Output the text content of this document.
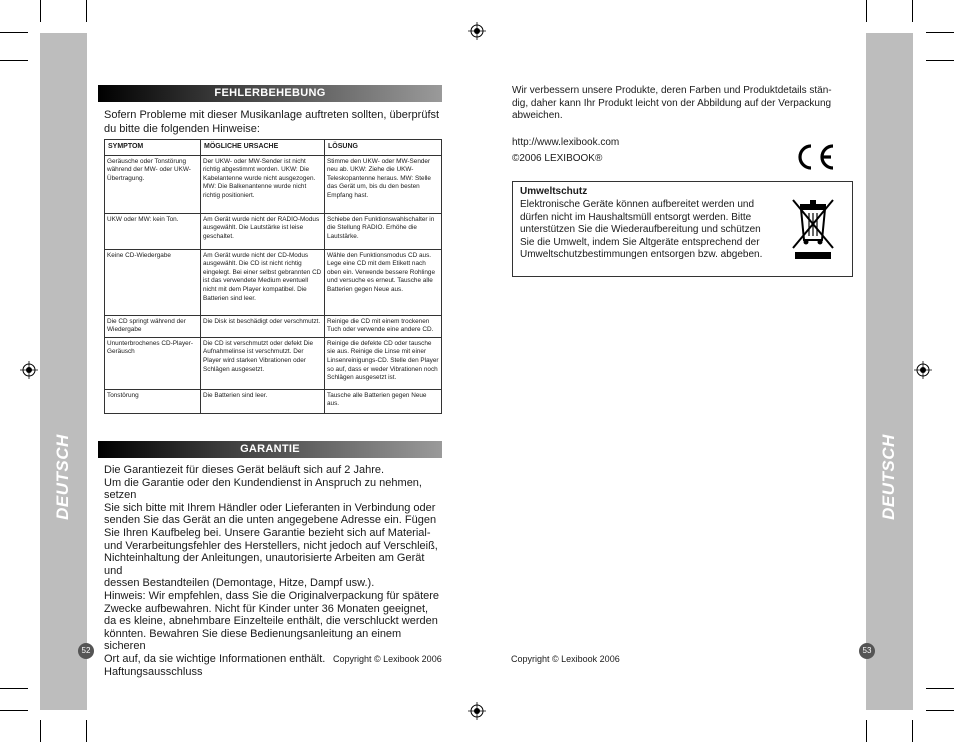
DEUTSCH	DEUTSCH
52	53
FEHLERBEHEBUNG
Sofern Probleme mit dieser Musikanlage auftreten sollten, überprüfst du bitte die folgenden Hinweise:
SYMPTOM	MÖGLICHE URSACHE	LÖSUNG
Geräusche oder Tonstörung während der MW- oder UKW-Übertragung.	Der UKW- oder MW-Sender ist nicht richtig abgestimmt worden. UKW: Die Kabelantenne wurde nicht ausgezogen. MW: Die Balkenantenne wurde nicht richtig positioniert.	Stimme den UKW- oder MW-Sender neu ab. UKW: Ziehe die UKW-Teleskopantenne heraus. MW: Stelle das Gerät um, bis du den besten Empfang hast.
UKW oder MW: kein Ton.	Am Gerät wurde nicht der RADIO-Modus ausgewählt. Die Lautstärke ist leise geschaltet.	Schiebe den Funktionswahlschalter in die Stellung RADIO. Erhöhe die Lautstärke.
Keine CD-Wiedergabe	Am Gerät wurde nicht der CD-Modus ausgewählt. Die CD ist nicht richtig eingelegt. Bei einer selbst gebrannten CD ist das verwendete Medium eventuell nicht mit dem Player kompatibel. Die Batterien sind leer.	Wähle den Funktionsmodus CD aus. Lege eine CD mit dem Etikett nach oben ein. Verwende bessere Rohlinge und versuche es erneut. Tausche alle Batterien gegen Neue aus.
Die CD springt während der Wiedergabe	Die Disk ist beschädigt oder verschmutzt.	Reinige die CD mit einem trockenen Tuch oder verwende eine andere CD.
Ununterbrochenes CD-Player-Geräusch	Die CD ist verschmutzt oder defekt Die Aufnahmelinse ist verschmutzt. Der Player wird starken Vibrationen oder Schlägen ausgesetzt.	Reinige die defekte CD oder tausche sie aus. Reinige die Linse mit einer Linsenreinigungs-CD. Stelle den Player so auf, dass er weder Vibrationen noch Schlägen ausgesetzt ist.
Tonstörung	Die Batterien sind leer.	Tausche alle Batterien gegen Neue aus.
GARANTIE
Die Garantiezeit für dieses Gerät beläuft sich auf 2 Jahre.
Um die Garantie oder den Kundendienst in Anspruch zu nehmen, setzen
Sie sich bitte mit Ihrem Händler oder Lieferanten in Verbindung oder
senden Sie das Gerät an die unten angegebene Adresse ein. Fügen
Sie Ihren Kaufbeleg bei. Unsere Garantie bezieht sich auf Material-
und Verarbeitungsfehler des Herstellers, nicht jedoch auf Verschleiß,
Nichteinhaltung der Anleitungen, unautorisierte Arbeiten am Gerät und
dessen Bestandteilen (Demontage, Hitze, Dampf usw.).
Hinweis: Wir empfehlen, dass Sie die Originalverpackung für spätere
Zwecke aufbewahren. Nicht für Kinder unter 36 Monaten geeignet,
da es kleine, abnehmbare Einzelteile enthält, die verschluckt werden
könnten. Bewahren Sie diese Bedienungsanleitung an einem sicheren
Ort auf, da sie wichtige Informationen enthält.
Haftungsausschluss
Copyright © Lexibook 2006
Wir verbessern unsere Produkte, deren Farben und Produktdetails stän-
dig, daher kann Ihr Produkt leicht von der Abbildung auf der Verpackung
abweichen.
http://www.lexibook.com
©2006 LEXIBOOK®
Umweltschutz
Elektronische Geräte können aufbereitet werden und
dürfen nicht im Haushaltsmüll entsorgt werden. Bitte
unterstützen Sie die Wiederaufbereitung und schützen
Sie die Umwelt, indem Sie Altgeräte entsprechend der
Umweltschutzbestimmungen entsorgen bzw. abgeben.
Copyright © Lexibook 2006
